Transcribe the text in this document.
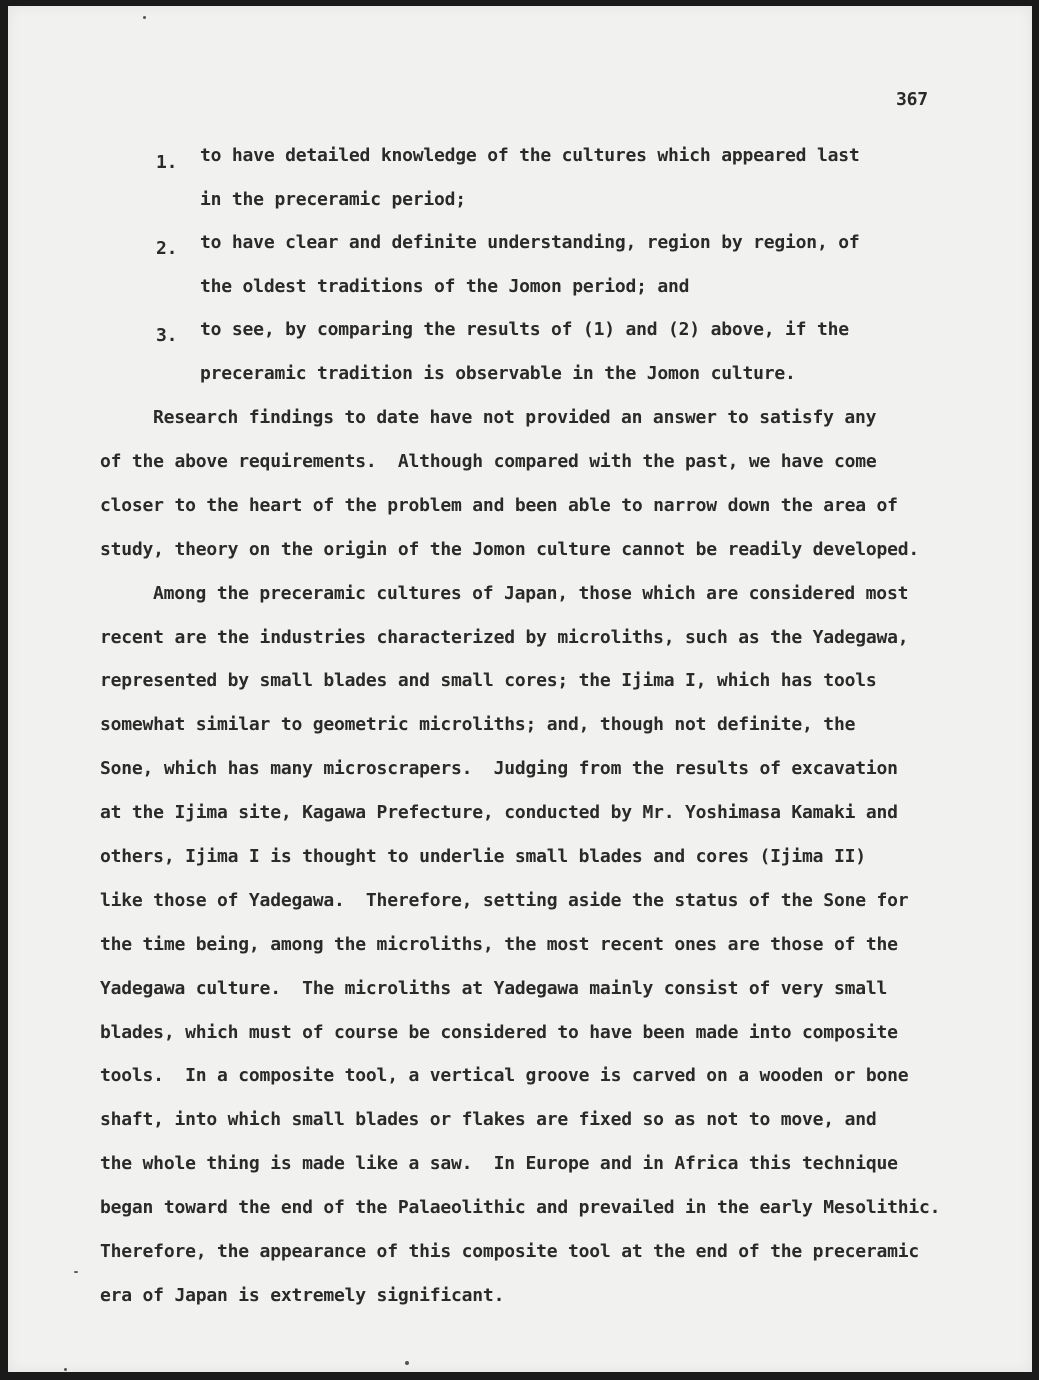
367
1. to have detailed knowledge of the cultures which appeared last
in the preceramic period;
2. to have clear and definite understanding, region by region, of
the oldest traditions of the Jomon period; and
3. to see, by comparing the results of (1) and (2) above, if the
preceramic tradition is observable in the Jomon culture.
Research findings to date have not provided an answer to satisfy any
of the above requirements.  Although compared with the past, we have come
closer to the heart of the problem and been able to narrow down the area of
study, theory on the origin of the Jomon culture cannot be readily developed.
Among the preceramic cultures of Japan, those which are considered most
recent are the industries characterized by microliths, such as the Yadegawa,
represented by small blades and small cores; the Ijima I, which has tools
somewhat similar to geometric microliths; and, though not definite, the
Sone, which has many microscrapers.  Judging from the results of excavation
at the Ijima site, Kagawa Prefecture, conducted by Mr. Yoshimasa Kamaki and
others, Ijima I is thought to underlie small blades and cores (Ijima II)
like those of Yadegawa.  Therefore, setting aside the status of the Sone for
the time being, among the microliths, the most recent ones are those of the
Yadegawa culture.  The microliths at Yadegawa mainly consist of very small
blades, which must of course be considered to have been made into composite
tools.  In a composite tool, a vertical groove is carved on a wooden or bone
shaft, into which small blades or flakes are fixed so as not to move, and
the whole thing is made like a saw.  In Europe and in Africa this technique
began toward the end of the Palaeolithic and prevailed in the early Mesolithic.
Therefore, the appearance of this composite tool at the end of the preceramic
era of Japan is extremely significant.
